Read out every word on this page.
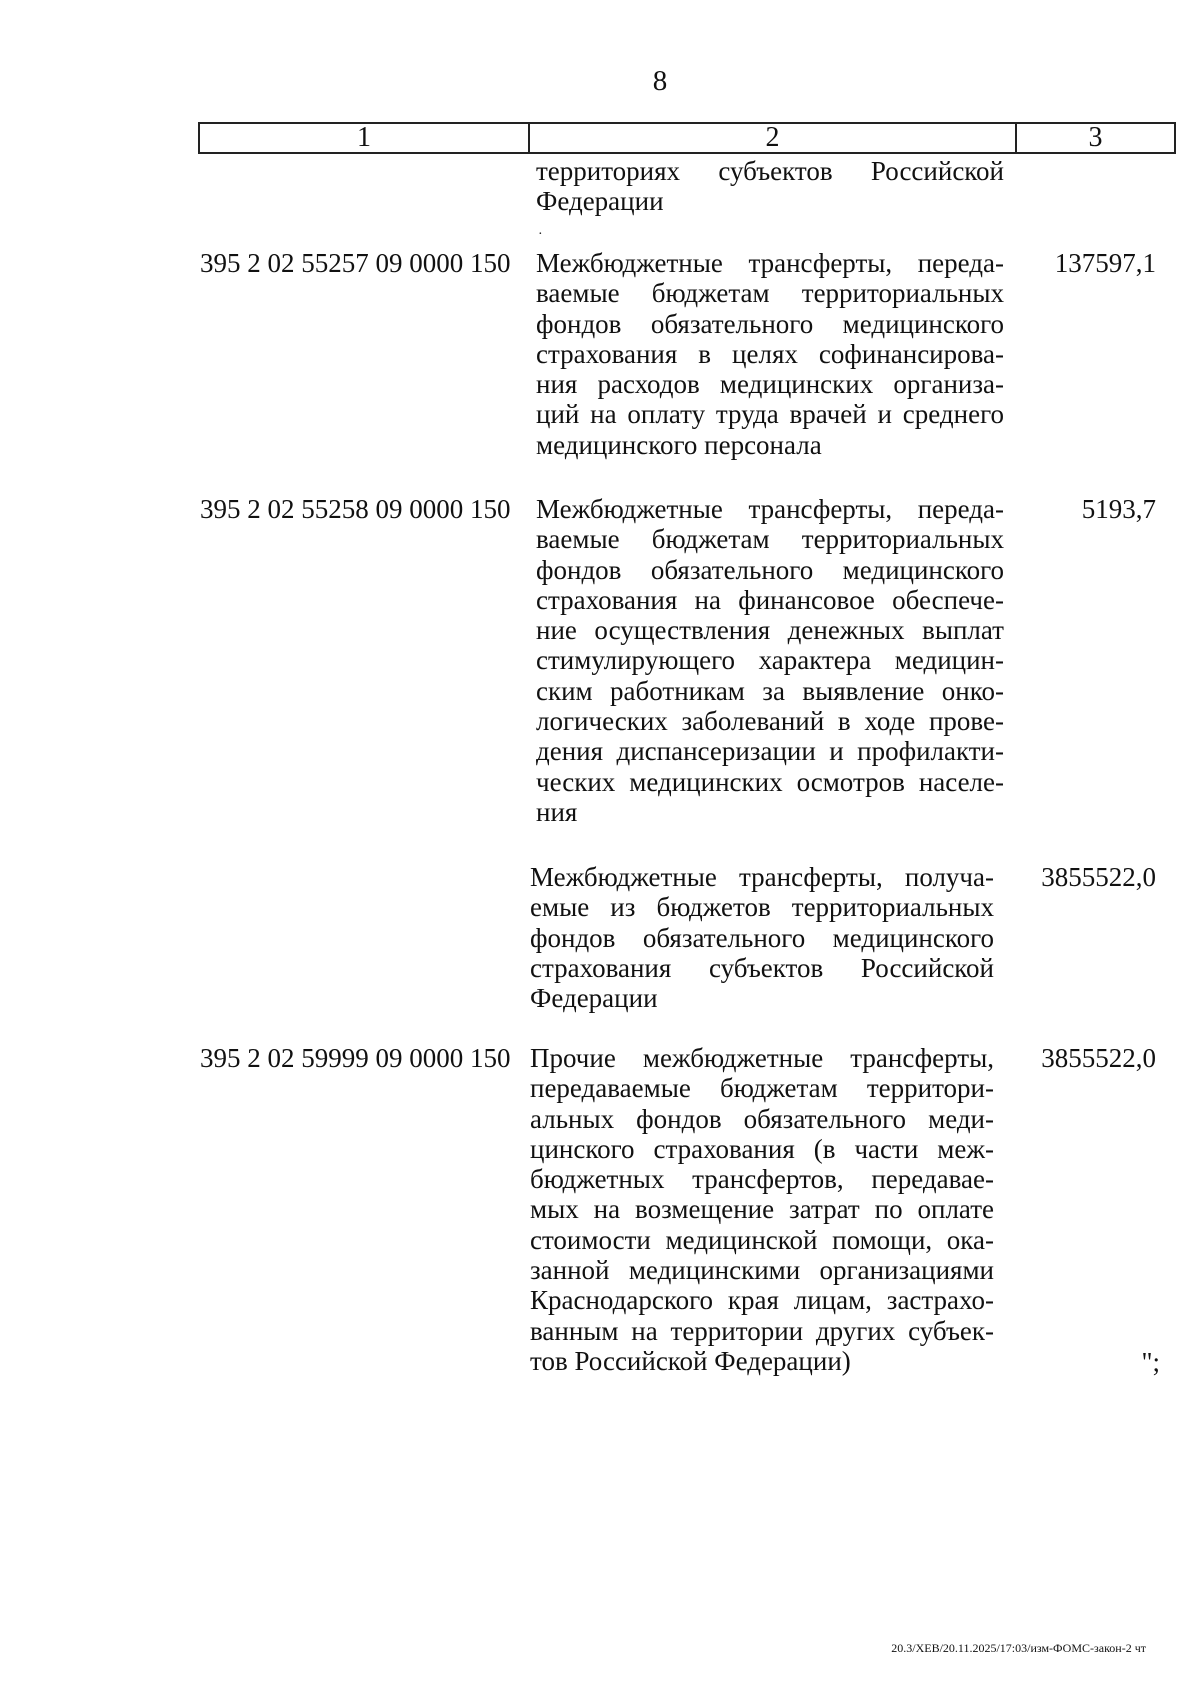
8
1	2	3
·
территориях субъектов Российской
Федерации
395 2 02 55257 09 0000 150 Межбюджетные трансферты, переда-
ваемые бюджетам территориальных
фондов обязательного медицинского
страхования в целях софинансирова-
ния расходов медицинских организа-
ций на оплату труда врачей и среднего
медицинского персонала
137597,1
395 2 02 55258 09 0000 150 Межбюджетные трансферты, переда-
ваемые бюджетам территориальных
фондов обязательного медицинского
страхования на финансовое обеспече-
ние осуществления денежных выплат
стимулирующего характера медицин-
ским работникам за выявление онко-
логических заболеваний в ходе прове-
дения диспансеризации и профилакти-
ческих медицинских осмотров населе-
ния
5193,7
Межбюджетные трансферты, получа-
емые из бюджетов территориальных
фондов обязательного медицинского
страхования субъектов Российской
Федерации
3855522,0
395 2 02 59999 09 0000 150 Прочие межбюджетные трансферты,
передаваемые бюджетам территори-
альных фондов обязательного меди-
цинского страхования (в части меж-
бюджетных трансфертов, передавае-
мых на возмещение затрат по оплате
стоимости медицинской помощи, ока-
занной медицинскими организациями
Краснодарского края лицам, застрахо-
ванным на территории других субъек-
тов Российской Федерации)
3855522,0
";
20.3/ХЕВ/20.11.2025/17:03/изм-ФОМС-закон-2 чт
